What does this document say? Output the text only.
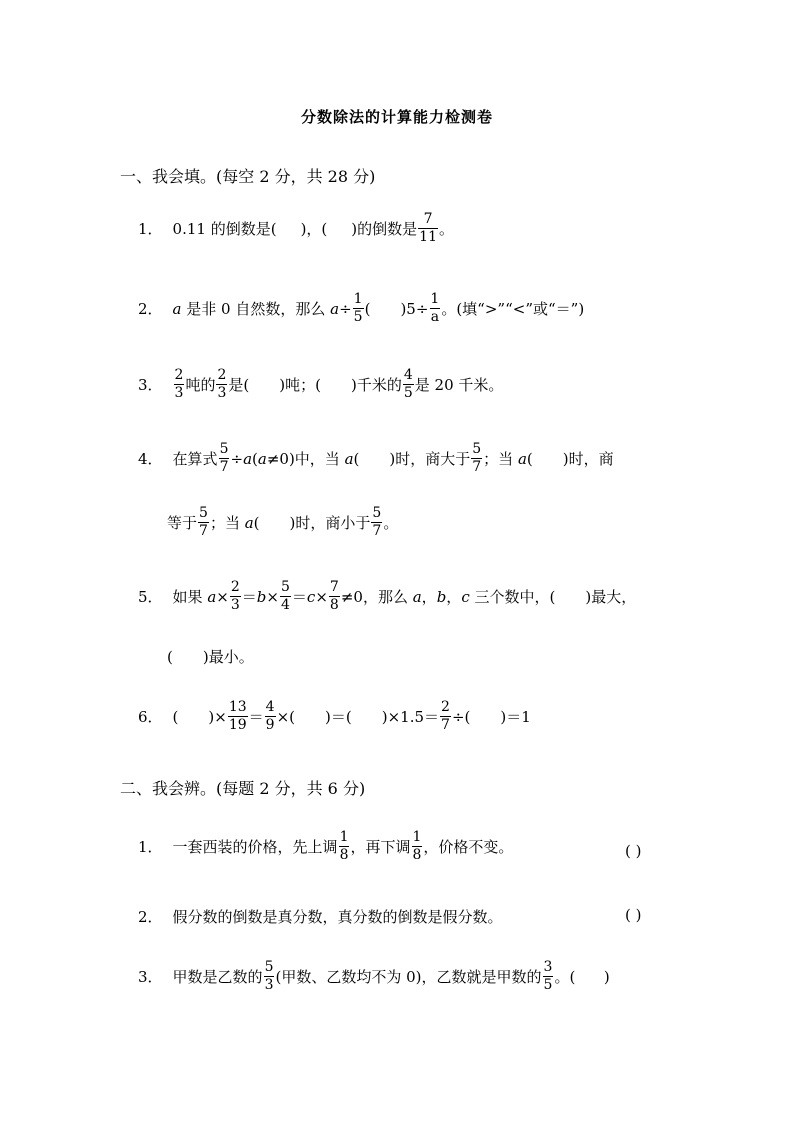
分数除法的计算能力检测卷
一、我会填。(每空 2 分，共 28 分)
1． 0.11 的倒数是( )，( )的倒数是 $\frac{7}{11}$ 。
2． a 是非 0 自然数，那么 $a \div \frac{1}{5}$ ( )$5\div \frac{1}{a}$ 。(填“>”“<”或“＝”)
3． $\frac{2}{3}$ 吨的 $\frac{2}{3}$ 是( )吨；( )千米的 $\frac{4}{5}$ 是 20 千米。
4． 在算式 $\frac{5}{7} \div a$ ( a ≠0)中，当 a ( )时，商大于 $\frac{5}{7}$ ；当 a ( )时，商
等于 $\frac{5}{7}$ ；当 a ( )时，商小于 $\frac{5}{7}$ 。
5． 如果 $a \times \frac{2}{3} = b \times \frac{5}{4} = c \times \frac{7}{8} \ne 0$，那么 a ， b ， c 三个数中，( )最大，
( )最小。
6． ( )× $\frac{13}{19} = \frac{4}{9}$ ×( )＝( )$\times 1.5= \frac{2}{7}$ ÷( )＝1
二、我会辨。(每题 2 分，共 6 分)
1． 一套西装的价格，先上调 $\frac{1}{8}$ ，再下调 $\frac{1}{8}$ ，价格不变。	( )
2． 假分数的倒数是真分数，真分数的倒数是假分数。	( )
3． 甲数是乙数的 $\frac{5}{3}$ (甲数、乙数均不为 0)，乙数就是甲数的 $\frac{3}{5}$ 。(      )
